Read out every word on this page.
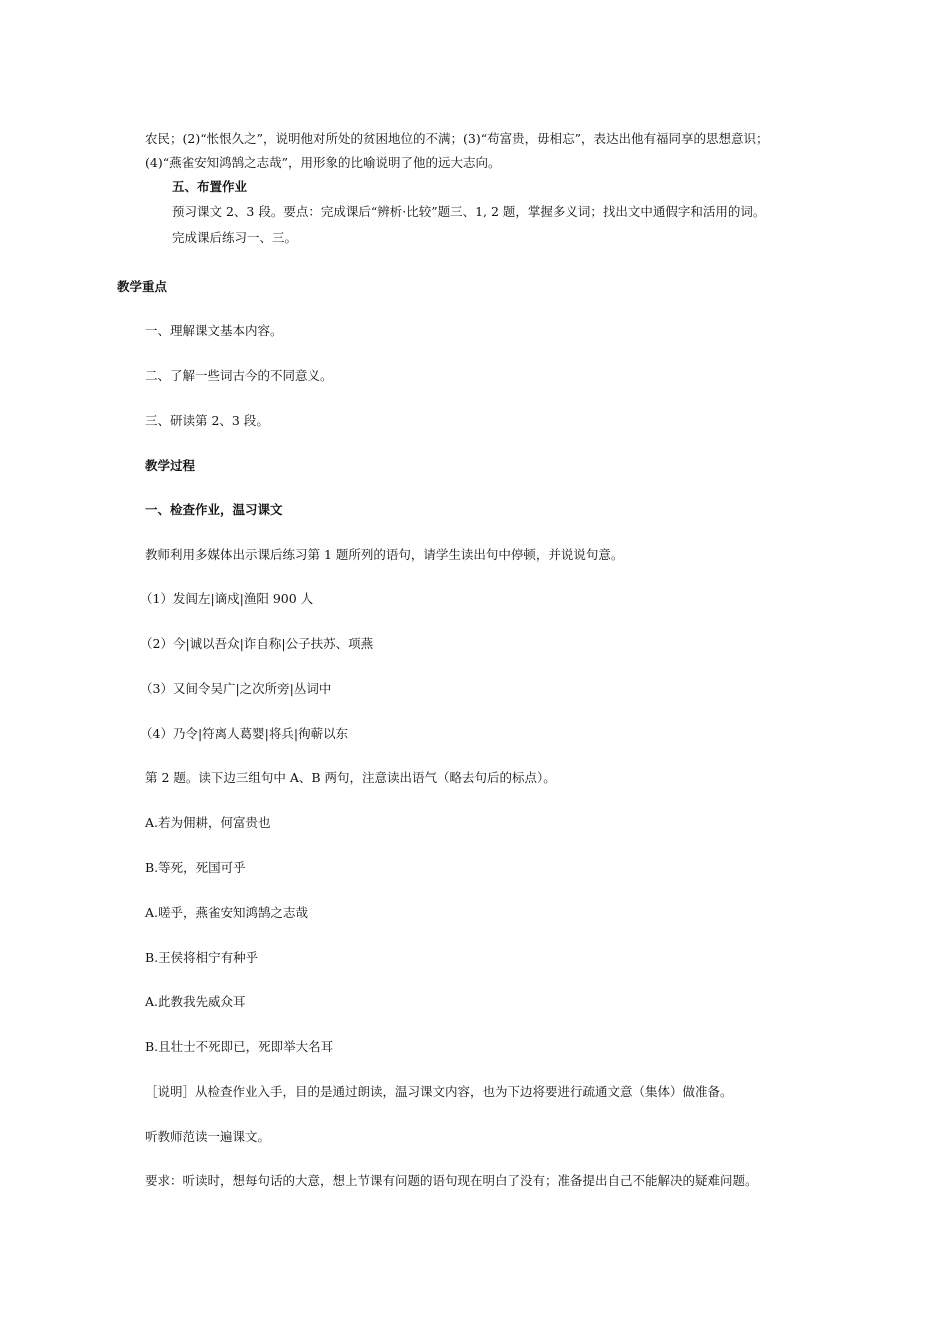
农民；(2)“怅恨久之”，说明他对所处的贫困地位的不满；(3)“苟富贵，毋相忘”，表达出他有福同享的思想意识；
(4)“燕雀安知鸿鹄之志哉”，用形象的比喻说明了他的远大志向。
五、布置作业
预习课文 2、3 段。要点：完成课后“辨析·比较”题三、1, 2 题，掌握多义词；找出文中通假字和活用的词。
完成课后练习一、三。
教学重点
一、理解课文基本内容。
二、了解一些词古今的不同意义。
三、研读第 2、3 段。
教学过程
一、检查作业，温习课文
教师利用多媒体出示课后练习第 1 题所列的语句，请学生读出句中停顿，并说说句意。
（1）发闾左|谪戍|渔阳 900 人
（2）今|诚以吾众|诈自称|公子扶苏、项燕
（3）又间令吴广|之次所旁|丛词中
（4）乃令|符离人葛婴|将兵|徇蕲以东
第 2 题。读下边三组句中 A、B 两句，注意读出语气（略去句后的标点）。
A.若为佣耕，何富贵也
B.等死，死国可乎
A.嗟乎，燕雀安知鸿鹄之志哉
B.王侯将相宁有种乎
A.此教我先威众耳
B.且壮士不死即已，死即举大名耳
［说明］从检查作业入手，目的是通过朗读，温习课文内容，也为下边将要进行疏通文意（集体）做准备。
听教师范读一遍课文。
要求：听读时，想每句话的大意，想上节课有问题的语句现在明白了没有；准备提出自己不能解决的疑难问题。
